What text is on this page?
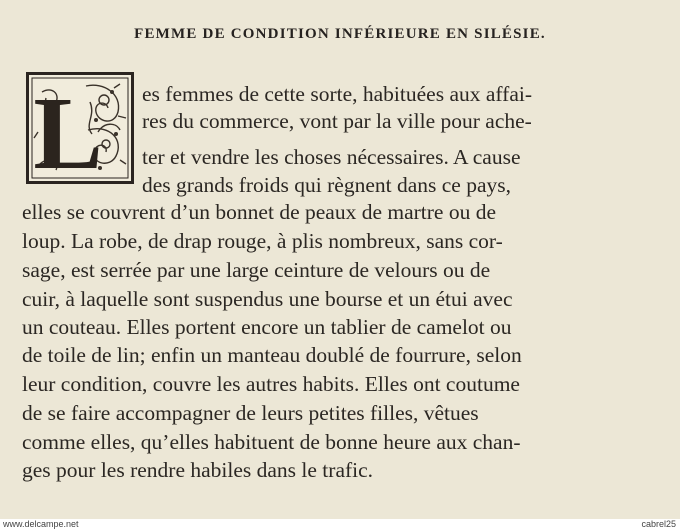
FEMME DE CONDITION INFÉRIEURE EN SILÉSIE.
L es femmes de cette sorte, habituées aux affai-
res du commerce, vont par la ville pour ache-
ter et vendre les choses nécessaires. A cause
des grands froids qui règnent dans ce pays,
elles se couvrent d’un bonnet de peaux de martre ou de
loup. La robe, de drap rouge, à plis nombreux, sans cor-
sage, est serrée par une large ceinture de velours ou de
cuir, à laquelle sont suspendus une bourse et un étui avec
un couteau. Elles portent encore un tablier de camelot ou
de toile de lin; enfin un manteau doublé de fourrure, selon
leur condition, couvre les autres habits. Elles ont coutume
de se faire accompagner de leurs petites filles, vêtues
comme elles, qu’elles habituent de bonne heure aux chan-
ges pour les rendre habiles dans le trafic.
www.delcampe.net	cabrel25
